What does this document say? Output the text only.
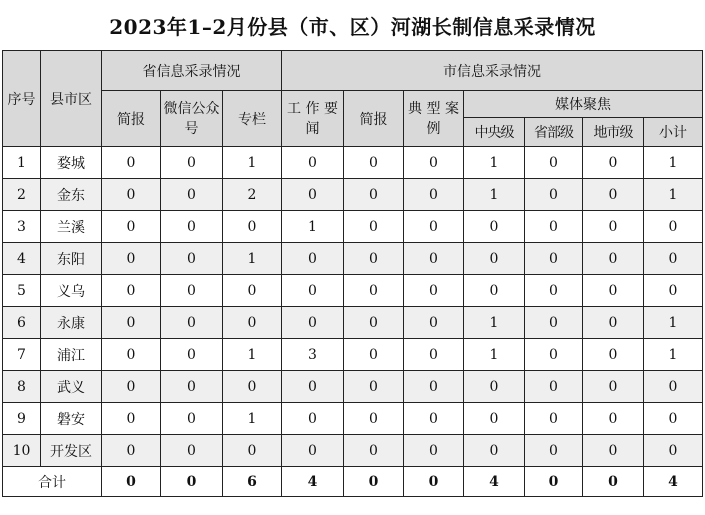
2023年1–2月份县（市、区）河湖长制信息采录情况
序号	县市区	省信息采录情况			市信息采录情况						
		简报	微信公众号	专栏	工 作 要 闻	简报	典 型 案 例	媒体聚焦			
								中央级	省部级	地市级	小计
1	婺城	0	0	1	0	0	0	1	0	0	1
2	金东	0	0	2	0	0	0	1	0	0	1
3	兰溪	0	0	0	1	0	0	0	0	0	0
4	东阳	0	0	1	0	0	0	0	0	0	0
5	义乌	0	0	0	0	0	0	0	0	0	0
6	永康	0	0	0	0	0	0	1	0	0	1
7	浦江	0	0	1	3	0	0	1	0	0	1
8	武义	0	0	0	0	0	0	0	0	0	0
9	磐安	0	0	1	0	0	0	0	0	0	0
10	开发区	0	0	0	0	0	0	0	0	0	0
合计		0	0	6	4	0	0	4	0	0	4
